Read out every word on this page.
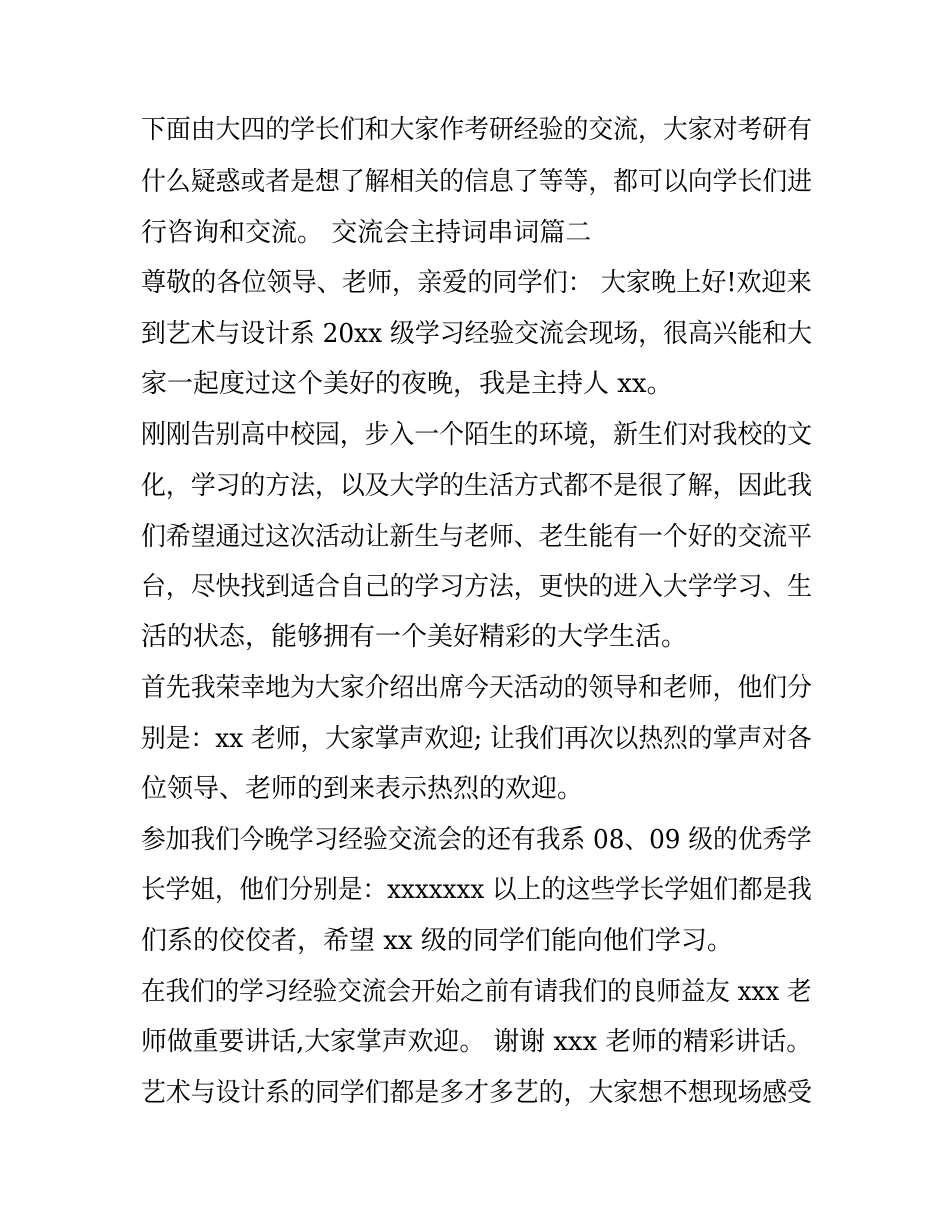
下面由大四的学长们和大家作考研经验的交流，大家对考研有
什么疑惑或者是想了解相关的信息了等等，都可以向学长们进
行咨询和交流。 交流会主持词串词篇二
尊敬的各位领导、老师，亲爱的同学们： 大家晚上好!欢迎来
到艺术与设计系 20xx 级学习经验交流会现场，很高兴能和大
家一起度过这个美好的夜晚，我是主持人 xx。
刚刚告别高中校园，步入一个陌生的环境，新生们对我校的文
化，学习的方法，以及大学的生活方式都不是很了解，因此我
们希望通过这次活动让新生与老师、老生能有一个好的交流平
台，尽快找到适合自己的学习方法，更快的进入大学学习、生
活的状态，能够拥有一个美好精彩的大学生活。
首先我荣幸地为大家介绍出席今天活动的领导和老师，他们分
别是：xx 老师，大家掌声欢迎; 让我们再次以热烈的掌声对各
位领导、老师的到来表示热烈的欢迎。
参加我们今晚学习经验交流会的还有我系 08、09 级的优秀学
长学姐，他们分别是：xxxxxxx 以上的这些学长学姐们都是我
们系的佼佼者，希望 xx 级的同学们能向他们学习。
在我们的学习经验交流会开始之前有请我们的良师益友 xxx 老
师做重要讲话,大家掌声欢迎。 谢谢 xxx 老师的精彩讲话。
艺术与设计系的同学们都是多才多艺的，大家想不想现场感受
